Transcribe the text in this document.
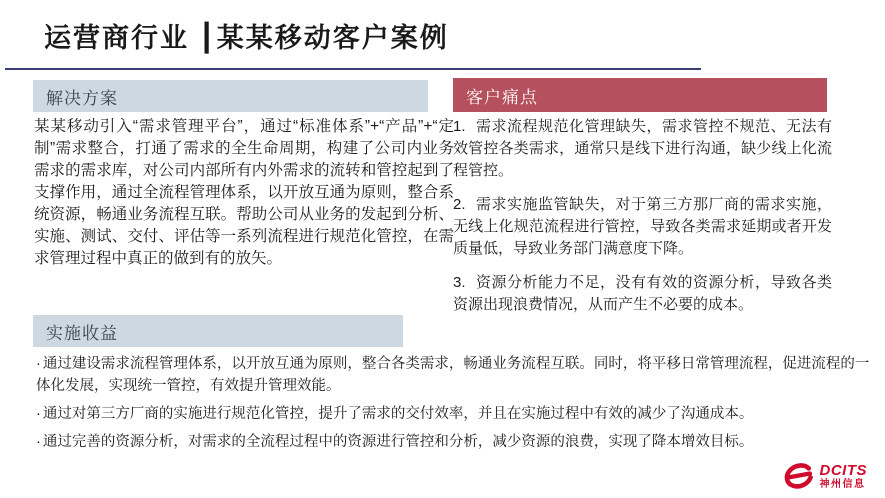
运营商行业 ┃某某移动客户案例
解决方案
某某移动引入“需求管理平台”，通过“标准体系”+“产品”+“定制”需求整合，打通了需求的全生命周期，构建了公司内业务需求的需求库，对公司内部所有内外需求的流转和管控起到了支撑作用，通过全流程管理体系，以开放互通为原则，整合系统资源，畅通业务流程互联。帮助公司从业务的发起到分析、实施、测试、交付、评估等一系列流程进行规范化管控，在需求管理过程中真正的做到有的放矢。
客户痛点

1. 需求流程规范化管理缺失，需求管控不规范、无法有效管控各类需求，通常只是线下进行沟通，缺少线上化流程管控。

2. 需求实施监管缺失，对于第三方那厂商的需求实施，无线上化规范流程进行管控，导致各类需求延期或者开发质量低，导致业务部门满意度下降。

3. 资源分析能力不足，没有有效的资源分析，导致各类资源出现浪费情况，从而产生不必要的成本。

实施收益

· 通过建设需求流程管理体系，以开放互通为原则，整合各类需求，畅通业务流程互联。同时，将平移日常管理流程，促进流程的一体化发展，实现统一管控，有效提升管理效能。

· 通过对第三方厂商的实施进行规范化管控，提升了需求的交付效率，并且在实施过程中有效的减少了沟通成本。

· 通过完善的资源分析，对需求的全流程过程中的资源进行管控和分析，减少资源的浪费，实现了降本增效目标。

DCITS
神州信息
